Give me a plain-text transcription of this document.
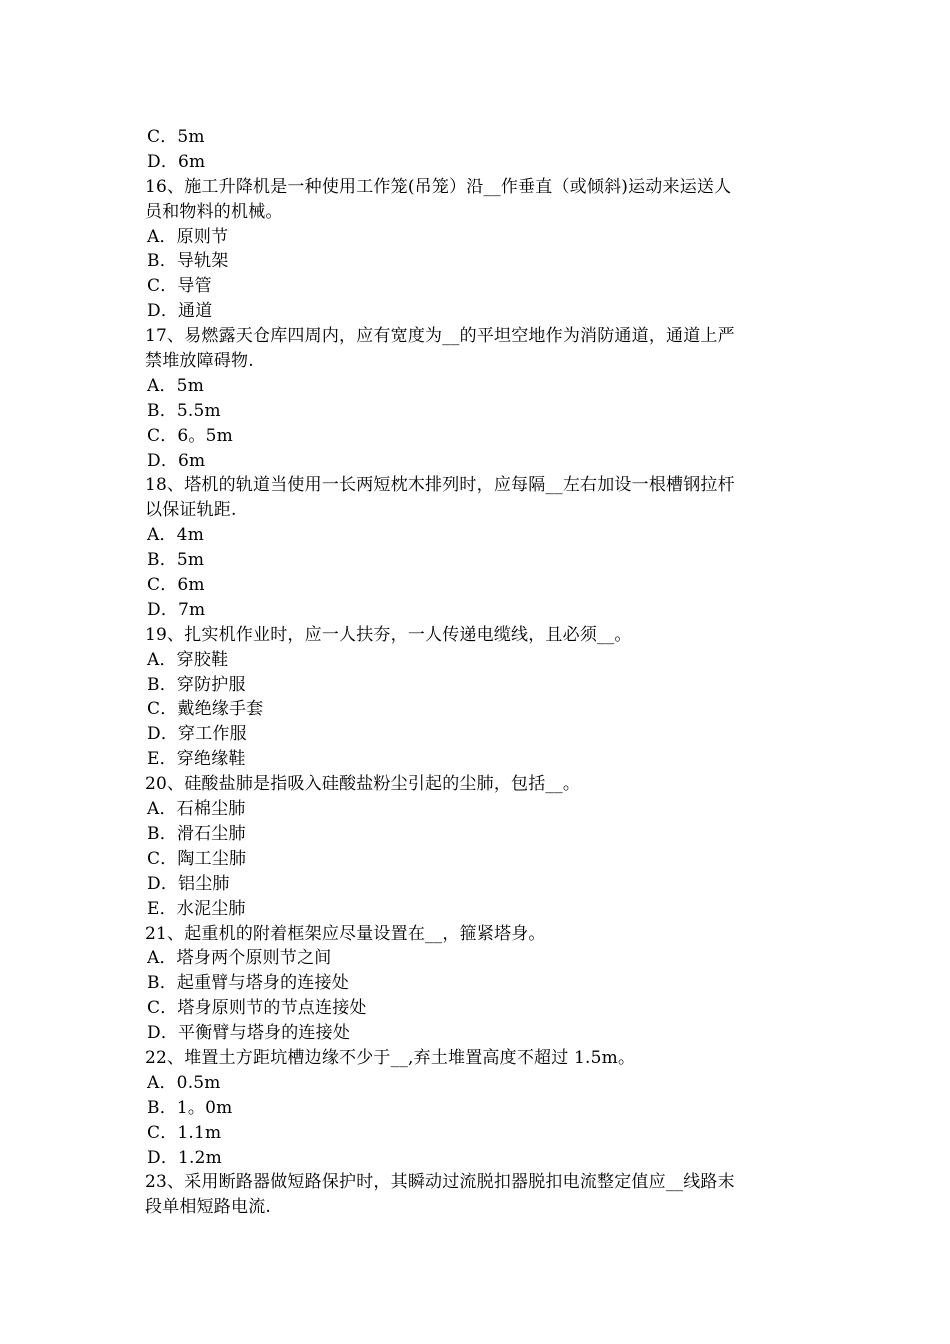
C．5m
D．6m
16、施工升降机是一种使用工作笼(吊笼）沿__作垂直（或倾斜)运动来运送人
员和物料的机械。
A．原则节
B．导轨架
C．导管
D．通道
17、易燃露天仓库四周内，应有宽度为__的平坦空地作为消防通道，通道上严
禁堆放障碍物.
A．5m
B．5.5m
C．6。5m
D．6m
18、塔机的轨道当使用一长两短枕木排列时，应每隔__左右加设一根槽钢拉杆
以保证轨距.
A．4m
B．5m
C．6m
D．7m
19、扎实机作业时，应一人扶夯，一人传递电缆线，且必须__。
A．穿胶鞋
B．穿防护服
C．戴绝缘手套
D．穿工作服
E．穿绝缘鞋
20、硅酸盐肺是指吸入硅酸盐粉尘引起的尘肺，包括__。
A．石棉尘肺
B．滑石尘肺
C．陶工尘肺
D．铝尘肺
E．水泥尘肺
21、起重机的附着框架应尽量设置在__，箍紧塔身。
A．塔身两个原则节之间
B．起重臂与塔身的连接处
C．塔身原则节的节点连接处
D．平衡臂与塔身的连接处
22、堆置土方距坑槽边缘不少于__,弃土堆置高度不超过 1.5m。
A．0.5m
B．1。0m
C．1.1m
D．1.2m
23、采用断路器做短路保护时，其瞬动过流脱扣器脱扣电流整定值应__线路末
段单相短路电流.
